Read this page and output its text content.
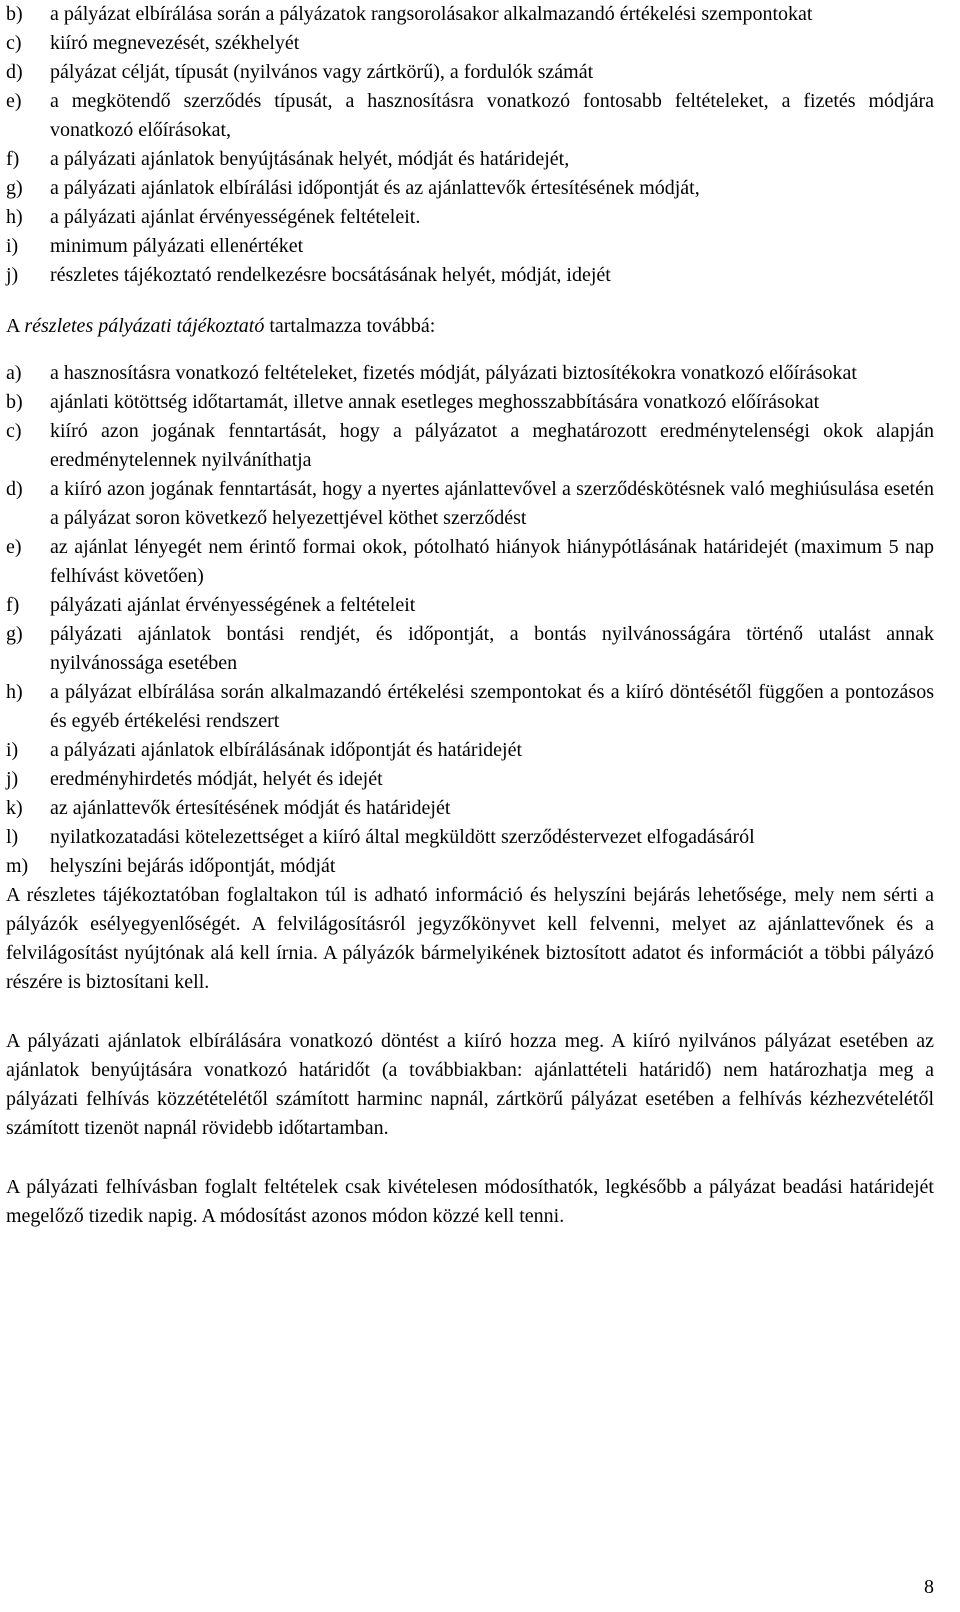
b)	a pályázat elbírálása során a pályázatok rangsorolásakor alkalmazandó értékelési szempontokat
c)	kiíró megnevezését, székhelyét
d)	pályázat célját, típusát (nyilvános vagy zártkörű), a fordulók számát
e)	a megkötendő szerződés típusát, a hasznosításra vonatkozó fontosabb feltételeket, a fizetés módjára vonatkozó előírásokat,
f)	a pályázati ajánlatok benyújtásának helyét, módját és határidejét,
g)	a pályázati ajánlatok elbírálási időpontját és az ajánlattevők értesítésének módját,
h)	a pályázati ajánlat érvényességének feltételeit.
i)	minimum pályázati ellenértéket
j)	részletes tájékoztató rendelkezésre bocsátásának helyét, módját, idejét
A részletes pályázati tájékoztató tartalmazza továbbá:
a)	a hasznosításra vonatkozó feltételeket, fizetés módját, pályázati biztosítékokra vonatkozó előírásokat
b)	ajánlati kötöttség időtartamát, illetve annak esetleges meghosszabbítására vonatkozó előírásokat
c)	kiíró azon jogának fenntartását, hogy a pályázatot a meghatározott eredménytelenségi okok alapján eredménytelennek nyilváníthatja
d)	a kiíró azon jogának fenntartását, hogy a nyertes ajánlattevővel a szerződéskötésnek való meghiúsulása esetén a pályázat soron következő helyezettjével köthet szerződést
e)	az ajánlat lényegét nem érintő formai okok, pótolható hiányok hiánypótlásának határidejét (maximum 5 nap felhívást követően)
f)	pályázati ajánlat érvényességének a feltételeit
g)	pályázati ajánlatok bontási rendjét, és időpontját, a bontás nyilvánosságára történő utalást annak nyilvánossága esetében
h)	a pályázat elbírálása során alkalmazandó értékelési szempontokat és a kiíró döntésétől függően a pontozásos és egyéb értékelési rendszert
i)	a pályázati ajánlatok elbírálásának időpontját és határidejét
j)	eredményhirdetés módját, helyét és idejét
k)	az ajánlattevők értesítésének módját és határidejét
l)	nyilatkozatadási kötelezettséget a kiíró által megküldött szerződéstervezet elfogadásáról
m)	helyszíni bejárás időpontját, módját

A részletes tájékoztatóban foglaltakon túl is adható információ és helyszíni bejárás lehetősége, mely nem sérti a pályázók esélyegyenlőségét. A felvilágosításról jegyzőkönyvet kell felvenni, melyet az ajánlattevőnek és a felvilágosítást nyújtónak alá kell írnia. A pályázók bármelyikének biztosított adatot és információt a többi pályázó részére is biztosítani kell.

A pályázati ajánlatok elbírálására vonatkozó döntést a kiíró hozza meg. A kiíró nyilvános pályázat esetében az ajánlatok benyújtására vonatkozó határidőt (a továbbiakban: ajánlattételi határidő) nem határozhatja meg a pályázati felhívás közzétételétől számított harminc napnál, zártkörű pályázat esetében a felhívás kézhezvételétől számított tizenöt napnál rövidebb időtartamban.

A pályázati felhívásban foglalt feltételek csak kivételesen módosíthatók, legkésőbb a pályázat beadási határidejét megelőző tizedik napig. A módosítást azonos módon közzé kell tenni.

8
